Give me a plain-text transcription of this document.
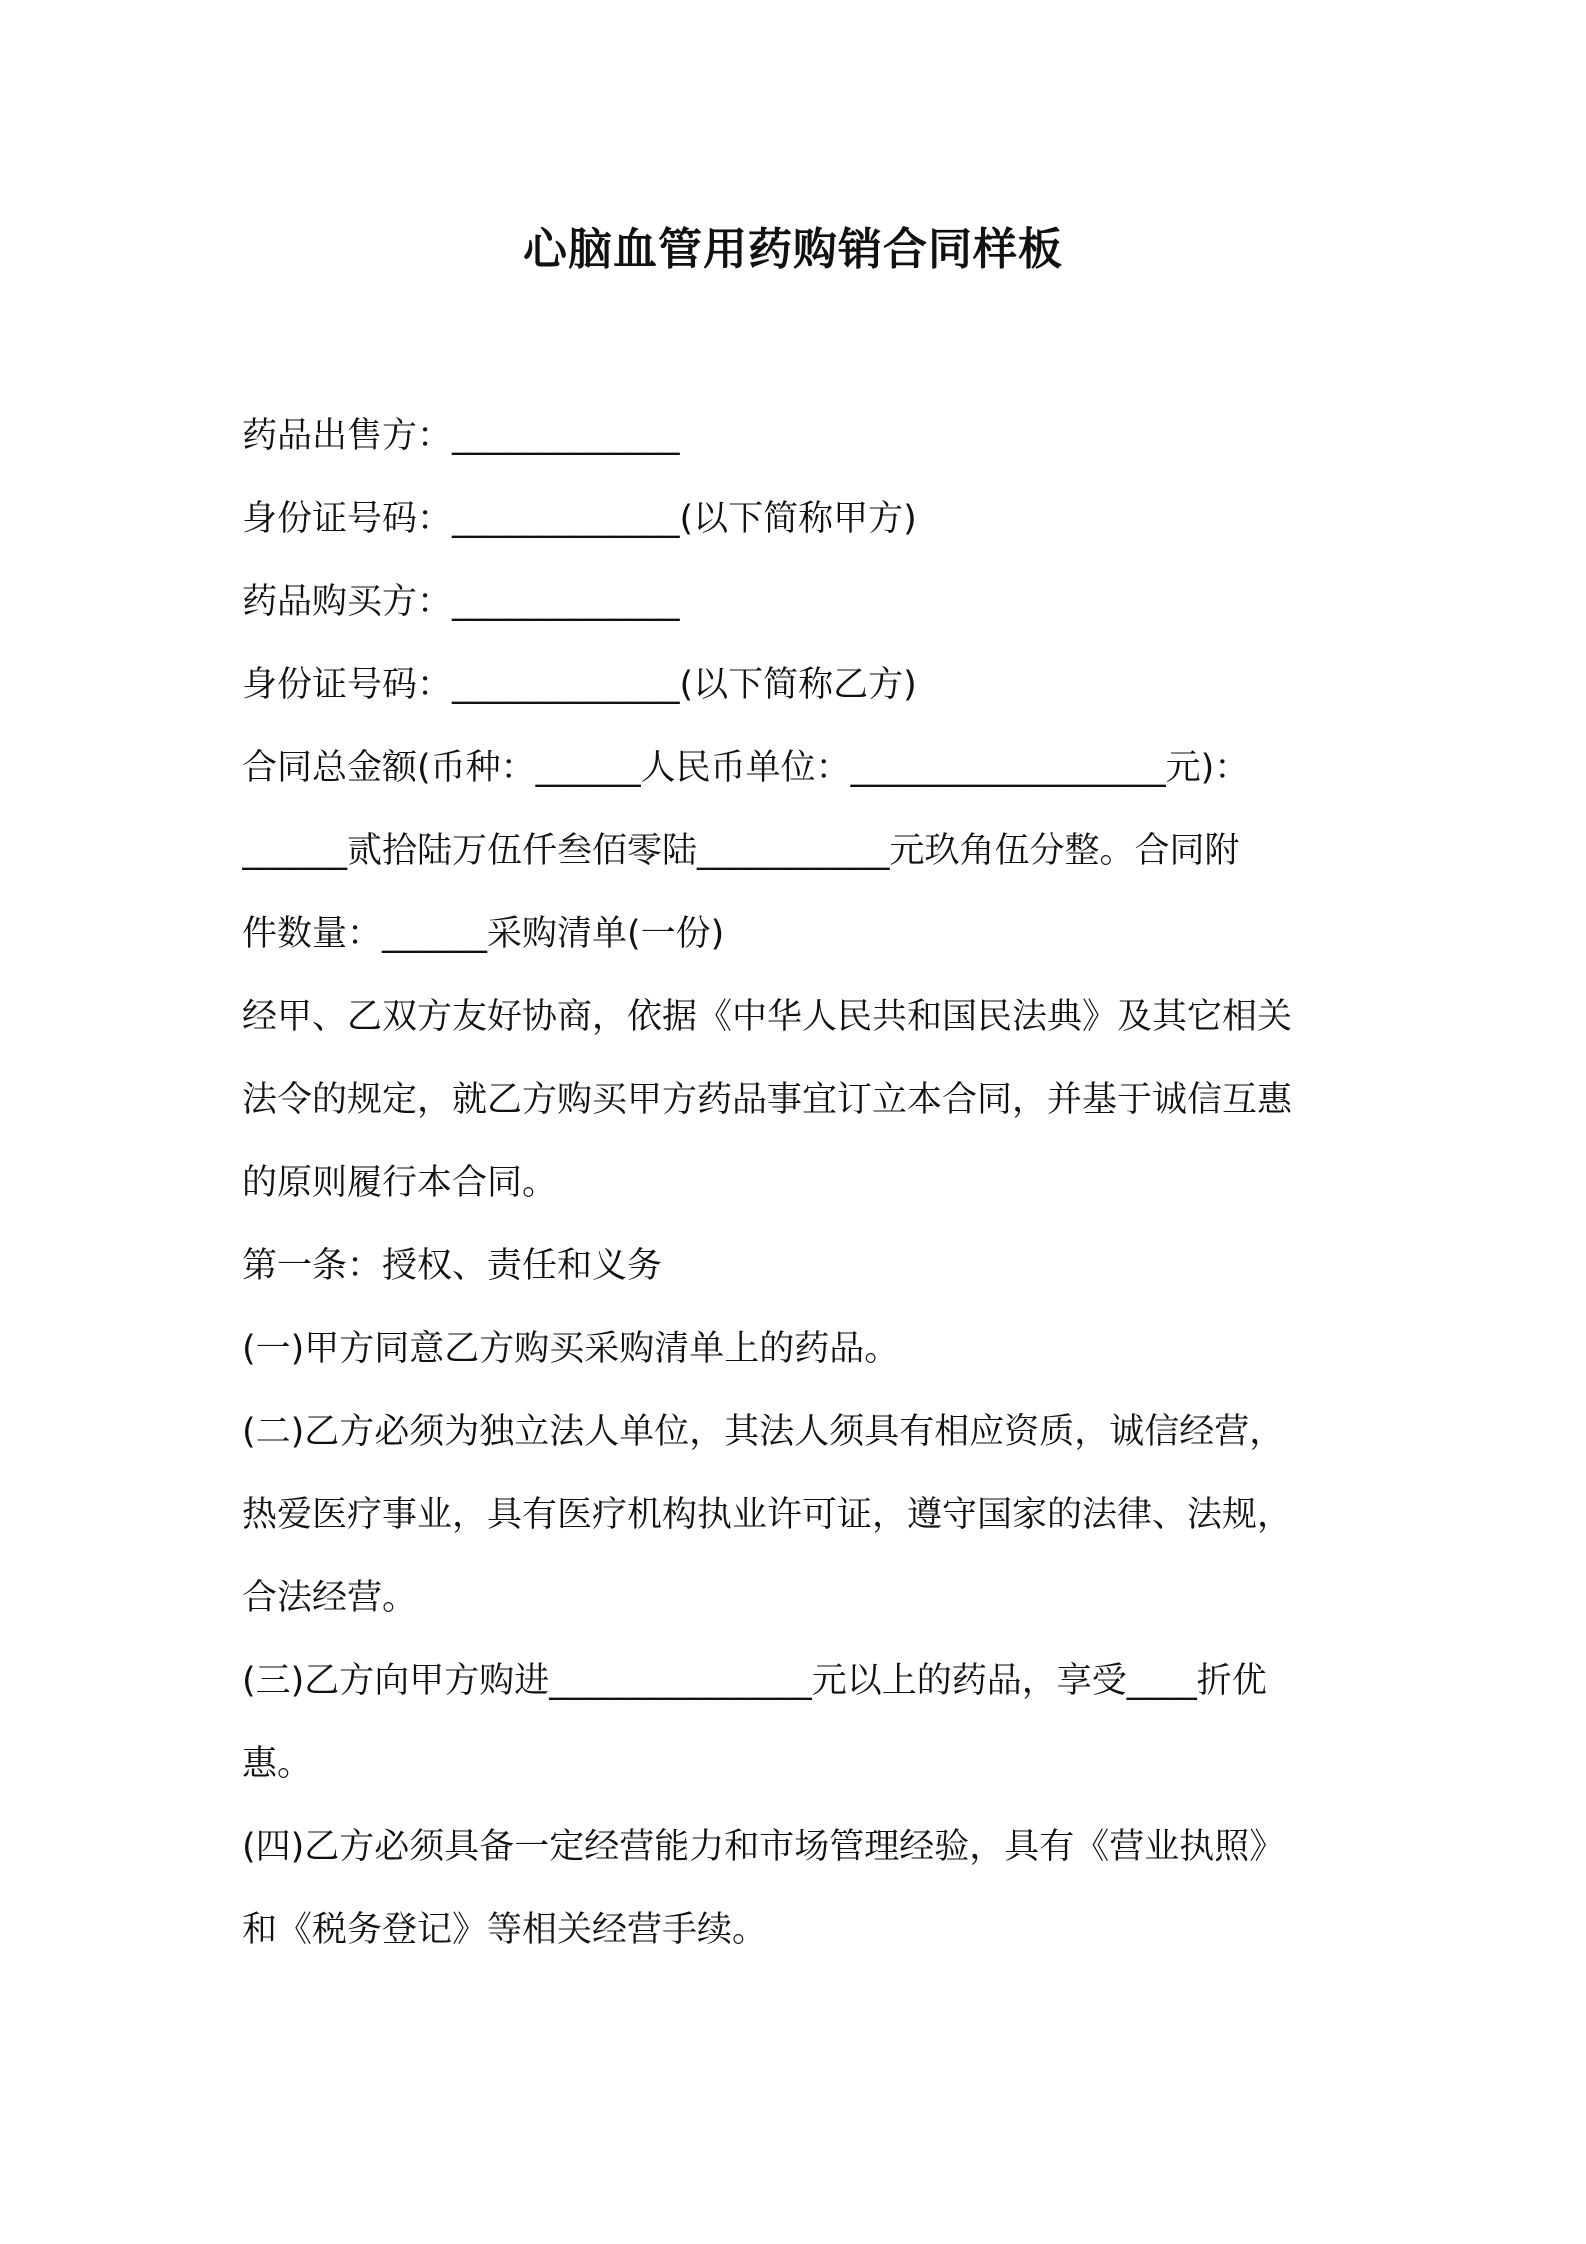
心脑血管用药购销合同样板
药品出售方：_____________
身份证号码：_____________(以下简称甲方)
药品购买方：_____________
身份证号码：_____________(以下简称乙方)
合同总金额(币种：______人民币单位：__________________元)：
______贰拾陆万伍仟叁佰零陆___________元玖角伍分整。合同附
件数量：______采购清单(一份)
经甲、乙双方友好协商，依据《中华人民共和国民法典》及其它相关
法令的规定，就乙方购买甲方药品事宜订立本合同，并基于诚信互惠
的原则履行本合同。
第一条：授权、责任和义务
(一)甲方同意乙方购买采购清单上的药品。
(二)乙方必须为独立法人单位，其法人须具有相应资质，诚信经营，
热爱医疗事业，具有医疗机构执业许可证，遵守国家的法律、法规，
合法经营。
(三)乙方向甲方购进_______________元以上的药品，享受____折优
惠。
(四)乙方必须具备一定经营能力和市场管理经验，具有《营业执照》
和《税务登记》等相关经营手续。
